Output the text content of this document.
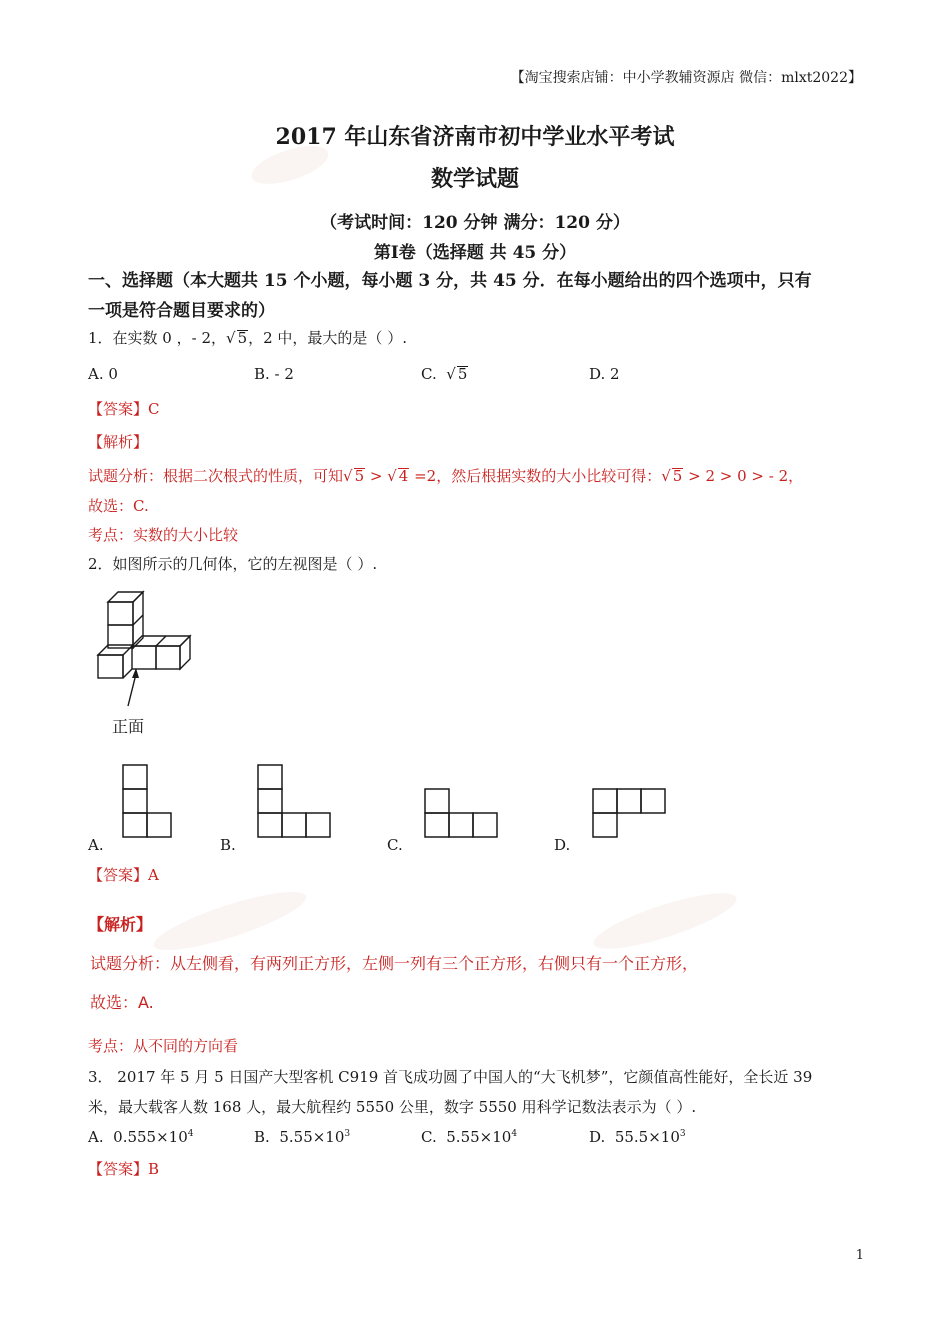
【淘宝搜索店铺：中小学教辅资源店 微信：mlxt2022】
2017 年山东省济南市初中学业水平考试
数学试题
（考试时间：120 分钟 满分：120 分）
第Ⅰ卷（选择题 共 45 分）
一、选择题（本大题共 15 个小题，每小题 3 分，共 45 分．在每小题给出的四个选项中，只有
一项是符合题目要求的）
1．在实数 0 ，- 2，√ 5，2 中，最大的是（ ）.
A. 0	B. - 2	C. √ 5	D. 2
【答案】C
【解析】
试题分析：根据二次根式的性质，可知√ 5 > √ 4 =2，然后根据实数的大小比较可得：√ 5 > 2 > 0 > - 2，
故选：C.
考点：实数的大小比较
2．如图所示的几何体，它的左视图是（ ）.
正面
A.	B.	C.	D.
【答案】A
【解析】
试题分析：从左侧看，有两列正方形，左侧一列有三个正方形，右侧只有一个正方形，
故选：A.
考点：从不同的方向看
3． 2017 年 5 月 5 日国产大型客机 C919 首飞成功圆了中国人的“大飞机梦”，它颜值高性能好，全长近 39
米，最大载客人数 168 人，最大航程约 5550 公里，数字 5550 用科学记数法表示为（ ）.
A. $0.555\times 10^4$	B. $5.55\times 10^3$	C. $5.55\times 10^4$	D. $55.5\times 10^3$
【答案】B
1
